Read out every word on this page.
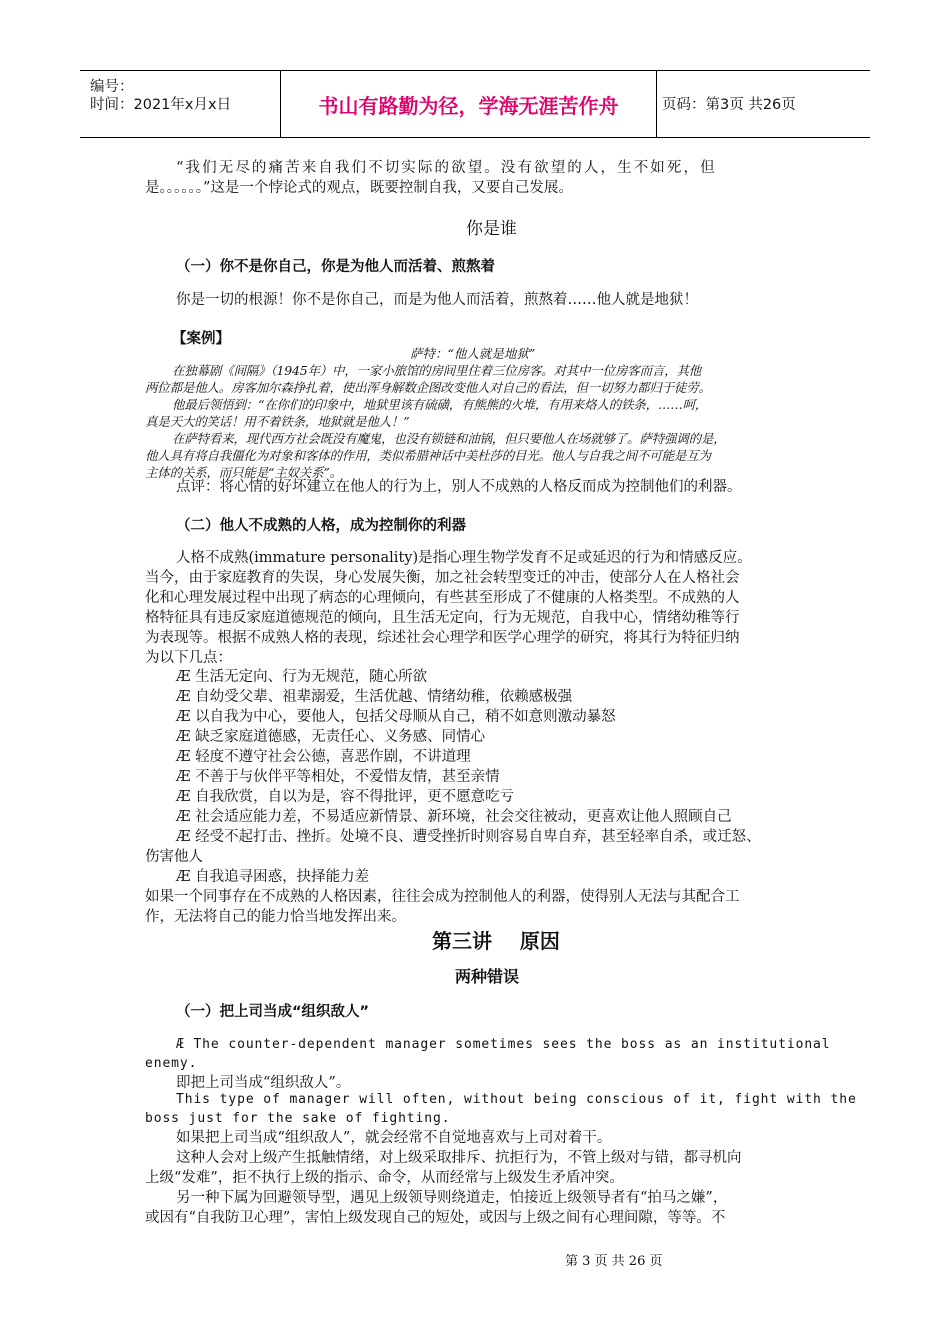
编号：
时间：2021年x月x日	书山有路勤为径，学海无涯苦作舟	页码：第3页 共26页
“我们无尽的痛苦来自我们不切实际的欲望。没有欲望的人，生不如死，但
是。。。。。。”这是一个悖论式的观点，既要控制自我，又要自己发展。
你是谁
（一）你不是你自己，你是为他人而活着、煎熬着
你是一切的根源！你不是你自己，而是为他人而活着，煎熬着……他人就是地狱！
【案例】
萨特：“他人就是地狱”
在独幕剧《间隔》（1945年）中，一家小旅馆的房间里住着三位房客。对其中一位房客而言，其他
两位都是他人。房客加尔森挣扎着，使出浑身解数企图改变他人对自己的看法，但一切努力都归于徒劳。
他最后领悟到：“在你们的印象中，地狱里该有硫磺，有熊熊的火堆，有用来烙人的铁条，……呵，
真是天大的笑话！用不着铁条，地狱就是他人！”
在萨特看来，现代西方社会既没有魔鬼，也没有锁链和油锅，但只要他人在场就够了。萨特强调的是，
他人具有将自我僵化为对象和客体的作用，类似希腊神话中美杜莎的目光。他人与自我之间不可能是互为
主体的关系，而只能是“主奴关系”。
点评：将心情的好坏建立在他人的行为上，别人不成熟的人格反而成为控制他们的利器。
（二）他人不成熟的人格，成为控制你的利器
人格不成熟(immature personality)是指心理生物学发育不足或延迟的行为和情感反应。
当今，由于家庭教育的失误，身心发展失衡，加之社会转型变迁的冲击，使部分人在人格社会
化和心理发展过程中出现了病态的心理倾向，有些甚至形成了不健康的人格类型。不成熟的人
格特征具有违反家庭道德规范的倾向，且生活无定向，行为无规范，自我中心，情绪幼稚等行
为表现等。根据不成熟人格的表现，综述社会心理学和医学心理学的研究，将其行为特征归纳
为以下几点：
Æ 生活无定向、行为无规范，随心所欲
Æ 自幼受父辈、祖辈溺爱，生活优越、情绪幼稚，依赖感极强
Æ 以自我为中心，要他人，包括父母顺从自己，稍不如意则激动暴怒
Æ 缺乏家庭道德感，无责任心、义务感、同情心
Æ 轻度不遵守社会公德，喜恶作剧，不讲道理
Æ 不善于与伙伴平等相处，不爱惜友情，甚至亲情
Æ 自我欣赏，自以为是，容不得批评，更不愿意吃亏
Æ 社会适应能力差，不易适应新情景、新环境，社会交往被动，更喜欢让他人照顾自己
Æ 经受不起打击、挫折。处境不良、遭受挫折时则容易自卑自弃，甚至轻率自杀，或迁怒、
伤害他人
Æ 自我追寻困惑，抉择能力差
如果一个同事存在不成熟的人格因素，往往会成为控制他人的利器，使得别人无法与其配合工
作，无法将自己的能力恰当地发挥出来。
第三讲    原因
两种错误
（一）把上司当成“组织敌人”
Æ The counter-dependent manager sometimes sees the boss as an institutional
enemy.
即把上司当成“组织敌人”。
This type of manager will often, without being conscious of it, fight with the
boss just for the sake of fighting.
如果把上司当成“组织敌人”，就会经常不自觉地喜欢与上司对着干。
这种人会对上级产生抵触情绪，对上级采取排斥、抗拒行为，不管上级对与错，都寻机向
上级“发难”，拒不执行上级的指示、命令，从而经常与上级发生矛盾冲突。
另一种下属为回避领导型，遇见上级领导则绕道走，怕接近上级领导者有“拍马之嫌”，
或因有“自我防卫心理”，害怕上级发现自己的短处，或因与上级之间有心理间隙，等等。不
第 3 页 共 26 页
